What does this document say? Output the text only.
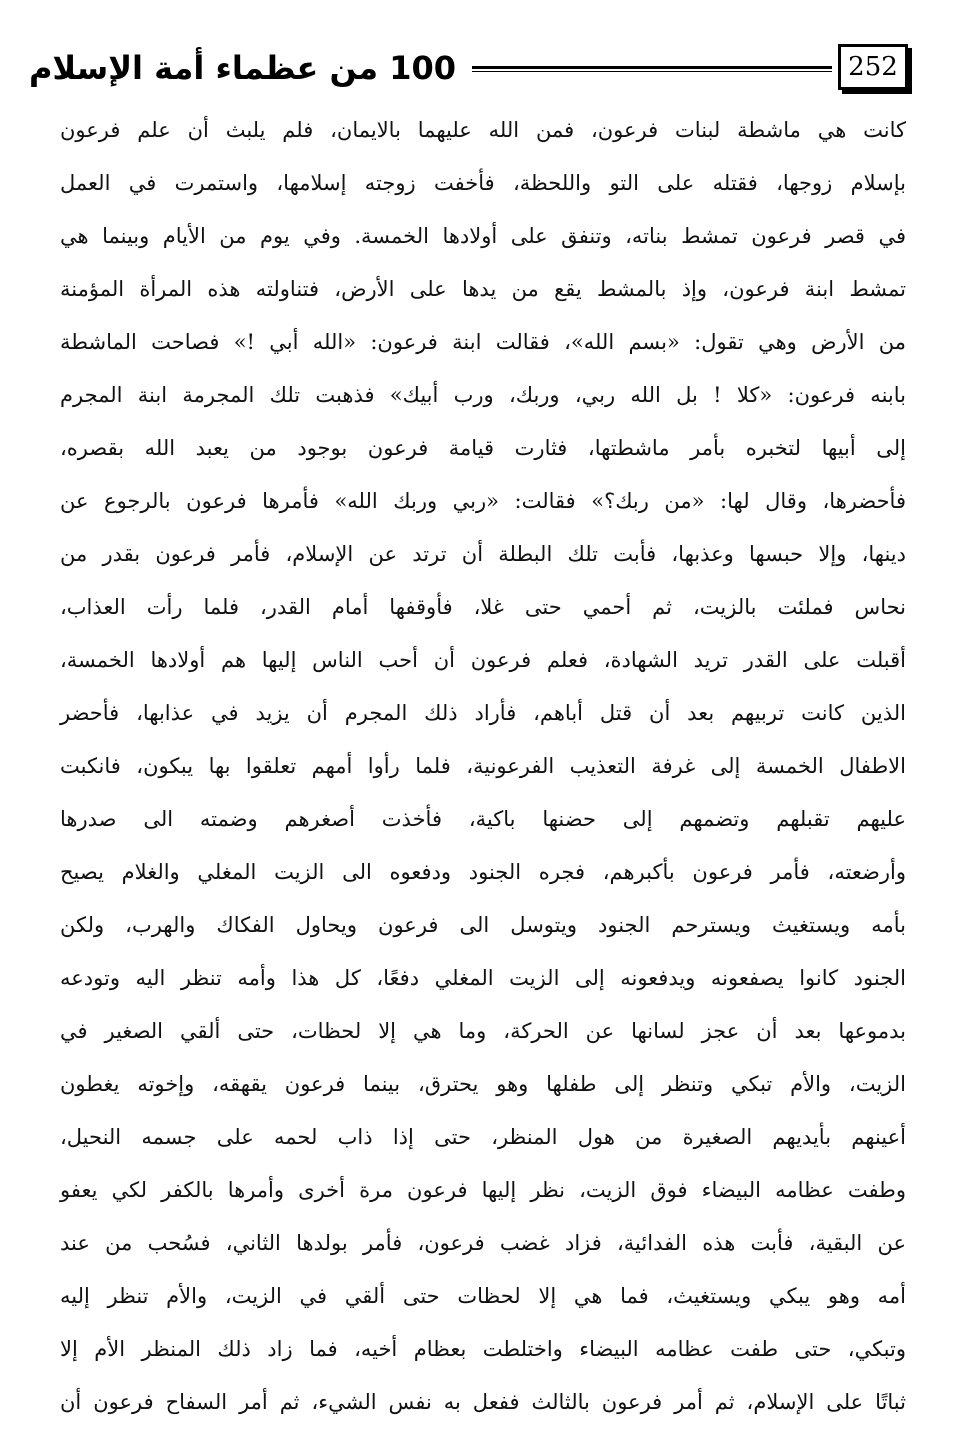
100 من عظماء أمة الإسلام	252
كانت هي ماشطة لبنات فرعون، فمن الله عليهما بالايمان، فلم يلبث أن علم فرعون
بإسلام زوجها، فقتله على التو واللحظة، فأخفت زوجته إسلامها، واستمرت في العمل
في قصر فرعون تمشط بناته، وتنفق على أولادها الخمسة. وفي يوم من الأيام وبينما هي
تمشط ابنة فرعون، وإذ بالمشط يقع من يدها على الأرض، فتناولته هذه المرأة المؤمنة
من الأرض وهي تقول: «بسم الله»، فقالت ابنة فرعون: «الله أبي !» فصاحت الماشطة
بابنه فرعون: «كلا ! بل الله ربي، وربك، ورب أبيك» فذهبت تلك المجرمة ابنة المجرم
إلى أبيها لتخبره بأمر ماشطتها، فثارت قيامة فرعون بوجود من يعبد الله بقصره،
فأحضرها، وقال لها: «من ربك؟» فقالت: «ربي وربك الله» فأمرها فرعون بالرجوع عن
دينها، وإلا حبسها وعذبها، فأبت تلك البطلة أن ترتد عن الإسلام، فأمر فرعون بقدر من
نحاس فملئت بالزيت، ثم أحمي حتى غلا، فأوقفها أمام القدر، فلما رأت العذاب،
أقبلت على القدر تريد الشهادة، فعلم فرعون أن أحب الناس إليها هم أولادها الخمسة،
الذين كانت تربيهم بعد أن قتل أباهم، فأراد ذلك المجرم أن يزيد في عذابها، فأحضر
الاطفال الخمسة إلى غرفة التعذيب الفرعونية، فلما رأوا أمهم تعلقوا بها يبكون، فانكبت
عليهم تقبلهم وتضمهم إلى حضنها باكية، فأخذت أصغرهم وضمته الى صدرها
وأرضعته، فأمر فرعون بأكبرهم، فجره الجنود ودفعوه الى الزيت المغلي والغلام يصيح
بأمه ويستغيث ويسترحم الجنود ويتوسل الى فرعون ويحاول الفكاك والهرب، ولكن
الجنود كانوا يصفعونه ويدفعونه إلى الزيت المغلي دفعًا، كل هذا وأمه تنظر اليه وتودعه
بدموعها بعد أن عجز لسانها عن الحركة، وما هي إلا لحظات، حتى ألقي الصغير في
الزيت، والأم تبكي وتنظر إلى طفلها وهو يحترق، بينما فرعون يقهقه، وإخوته يغطون
أعينهم بأيديهم الصغيرة من هول المنظر، حتى إذا ذاب لحمه على جسمه النحيل،
وطفت عظامه البيضاء فوق الزيت، نظر إليها فرعون مرة أخرى وأمرها بالكفر لكي يعفو
عن البقية، فأبت هذه الفدائية، فزاد غضب فرعون، فأمر بولدها الثاني، فسُحب من عند
أمه وهو يبكي ويستغيث، فما هي إلا لحظات حتى ألقي في الزيت، والأم تنظر إليه
وتبكي، حتى طفت عظامه البيضاء واختلطت بعظام أخيه، فما زاد ذلك المنظر الأم إلا
ثباتًا على الإسلام، ثم أمر فرعون بالثالث ففعل به نفس الشيء، ثم أمر السفاح فرعون أن
